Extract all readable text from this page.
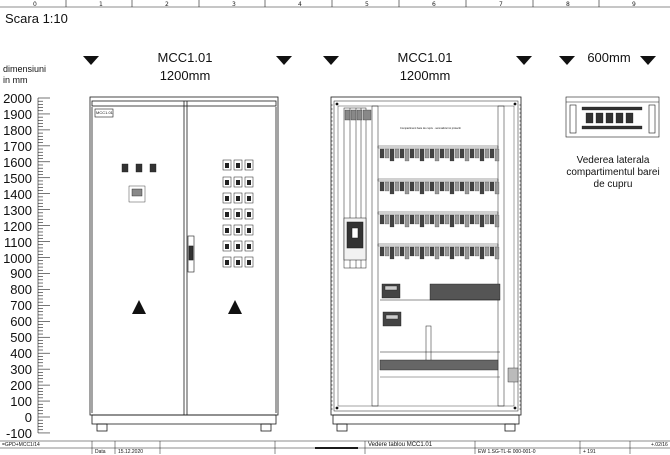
0	1	2	3	4	5	6	7	8	9
Scara 1:10
dimensiuni
in mm
2000
1900
1800
1700
1600
1500
1400
1300
1200
1100
1000
900
800
700
600
500
400
300
200
100
0
-100
MCC1.01
1200mm
MCC1.01
1200mm
600mm
Vederea laterala compartimentul barei de cupru
Compartiment bare de cupru · semnalizari si protectii
=GPD+MCC1/14
Data 15.12.2020
Vedere tablou MCC1.01
EW 1.SG-TL-E 000-001-0	+ 191
+.02/16
MCC1.01
